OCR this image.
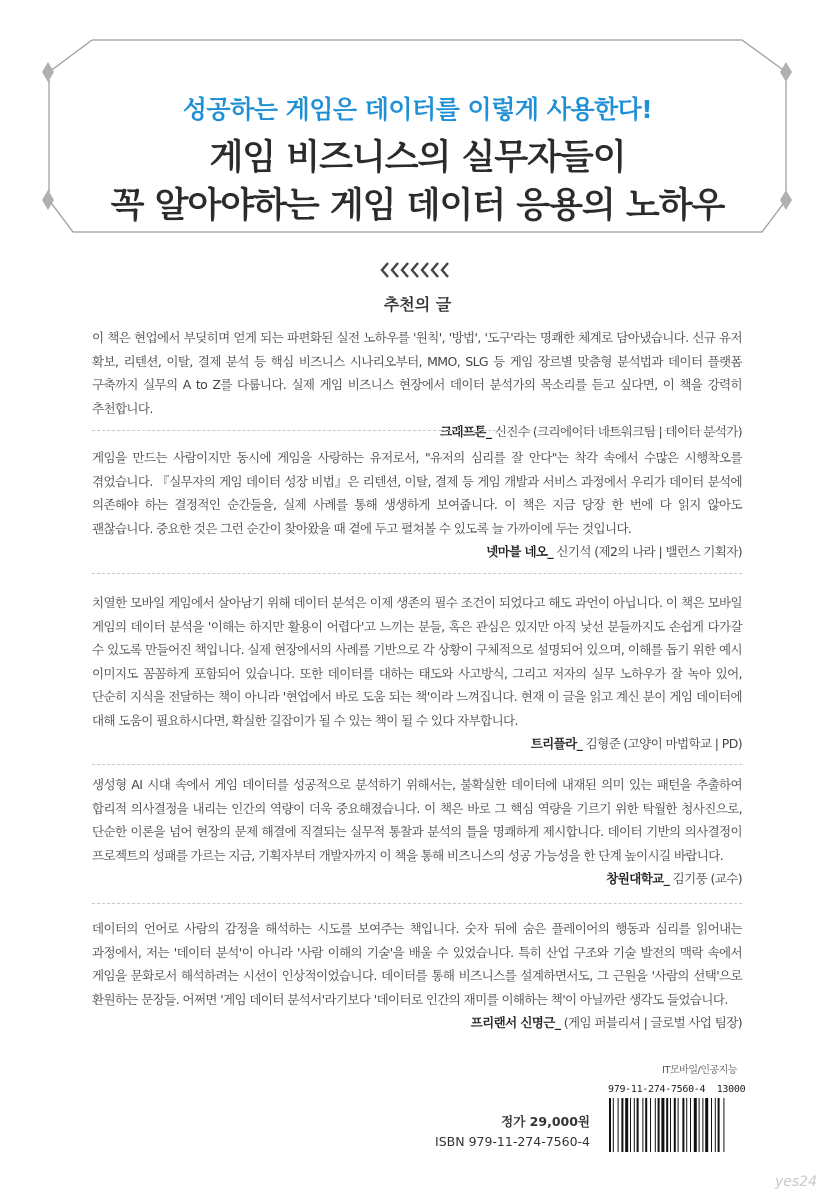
성공하는 게임은 데이터를 이렇게 사용한다!
게임 비즈니스의 실무자들이
꼭 알아야하는 게임 데이터 응용의 노하우
추천의 글

이 책은 현업에서 부딪히며 얻게 되는 파편화된 실전 노하우를 '원칙', '방법', '도구'라는 명쾌한 체계로 담아냈습니다. 신규 유저 확보, 리텐션, 이탈, 결제 분석 등 핵심 비즈니스 시나리오부터, MMO, SLG 등 게임 장르별 맞춤형 분석법과 데이터 플랫폼 구축까지 실무의 A to Z를 다룹니다. 실제 게임 비즈니스 현장에서 데이터 분석가의 목소리를 듣고 싶다면, 이 책을 강력히 추천합니다.

크래프톤_ 신진수 (크리에이터 네트워크팀 | 데이터 분석가)

게임을 만드는 사람이지만 동시에 게임을 사랑하는 유저로서, "유저의 심리를 잘 안다"는 착각 속에서 수많은 시행착오를 겪었습니다. 『실무자의 게임 데이터 성장 비법』은 리텐션, 이탈, 결제 등 게임 개발과 서비스 과정에서 우리가 데이터 분석에 의존해야 하는 결정적인 순간들을, 실제 사례를 통해 생생하게 보여줍니다. 이 책은 지금 당장 한 번에 다 읽지 않아도 괜찮습니다. 중요한 것은 그런 순간이 찾아왔을 때 곁에 두고 펼쳐볼 수 있도록 늘 가까이에 두는 것입니다.

넷마블 네오_ 신기석 (제2의 나라 | 밸런스 기획자)

치열한 모바일 게임에서 살아남기 위해 데이터 분석은 이제 생존의 필수 조건이 되었다고 해도 과언이 아닙니다. 이 책은 모바일 게임의 데이터 분석을 '이해는 하지만 활용이 어렵다'고 느끼는 분들, 혹은 관심은 있지만 아직 낯선 분들까지도 손쉽게 다가갈 수 있도록 만들어진 책입니다. 실제 현장에서의 사례를 기반으로 각 상황이 구체적으로 설명되어 있으며, 이해를 돕기 위한 예시 이미지도 꼼꼼하게 포함되어 있습니다. 또한 데이터를 대하는 태도와 사고방식, 그리고 저자의 실무 노하우가 잘 녹아 있어, 단순히 지식을 전달하는 책이 아니라 '현업에서 바로 도움 되는 책'이라 느껴집니다. 현재 이 글을 읽고 계신 분이 게임 데이터에 대해 도움이 필요하시다면, 확실한 길잡이가 될 수 있는 책이 될 수 있다 자부합니다.

트리플라_ 김형준 (고양이 마법학교 | PD)

생성형 AI 시대 속에서 게임 데이터를 성공적으로 분석하기 위해서는, 불확실한 데이터에 내재된 의미 있는 패턴을 추출하여 합리적 의사결정을 내리는 인간의 역량이 더욱 중요해졌습니다. 이 책은 바로 그 핵심 역량을 기르기 위한 탁월한 청사진으로, 단순한 이론을 넘어 현장의 문제 해결에 직결되는 실무적 통찰과 분석의 틀을 명쾌하게 제시합니다. 데이터 기반의 의사결정이 프로젝트의 성패를 가르는 지금, 기획자부터 개발자까지 이 책을 통해 비즈니스의 성공 가능성을 한 단계 높이시길 바랍니다.

창원대학교_ 김기풍 (교수)

데이터의 언어로 사람의 감정을 해석하는 시도를 보여주는 책입니다. 숫자 뒤에 숨은 플레이어의 행동과 심리를 읽어내는 과정에서, 저는 '데이터 분석'이 아니라 '사람 이해의 기술'을 배울 수 있었습니다. 특히 산업 구조와 기술 발전의 맥락 속에서 게임을 문화로서 해석하려는 시선이 인상적이었습니다. 데이터를 통해 비즈니스를 설계하면서도, 그 근원을 '사람의 선택'으로 환원하는 문장들. 어쩌면 '게임 데이터 분석서'라기보다 '데이터로 인간의 재미를 이해하는 책'이 아닐까란 생각도 들었습니다.

프리랜서 신명근_ (게임 퍼블리셔 | 글로벌 사업 팀장)

IT모바일/인공지능
정가 29,000원
ISBN 979-11-274-7560-4
979-11-274-7560-4  13000
yes24
